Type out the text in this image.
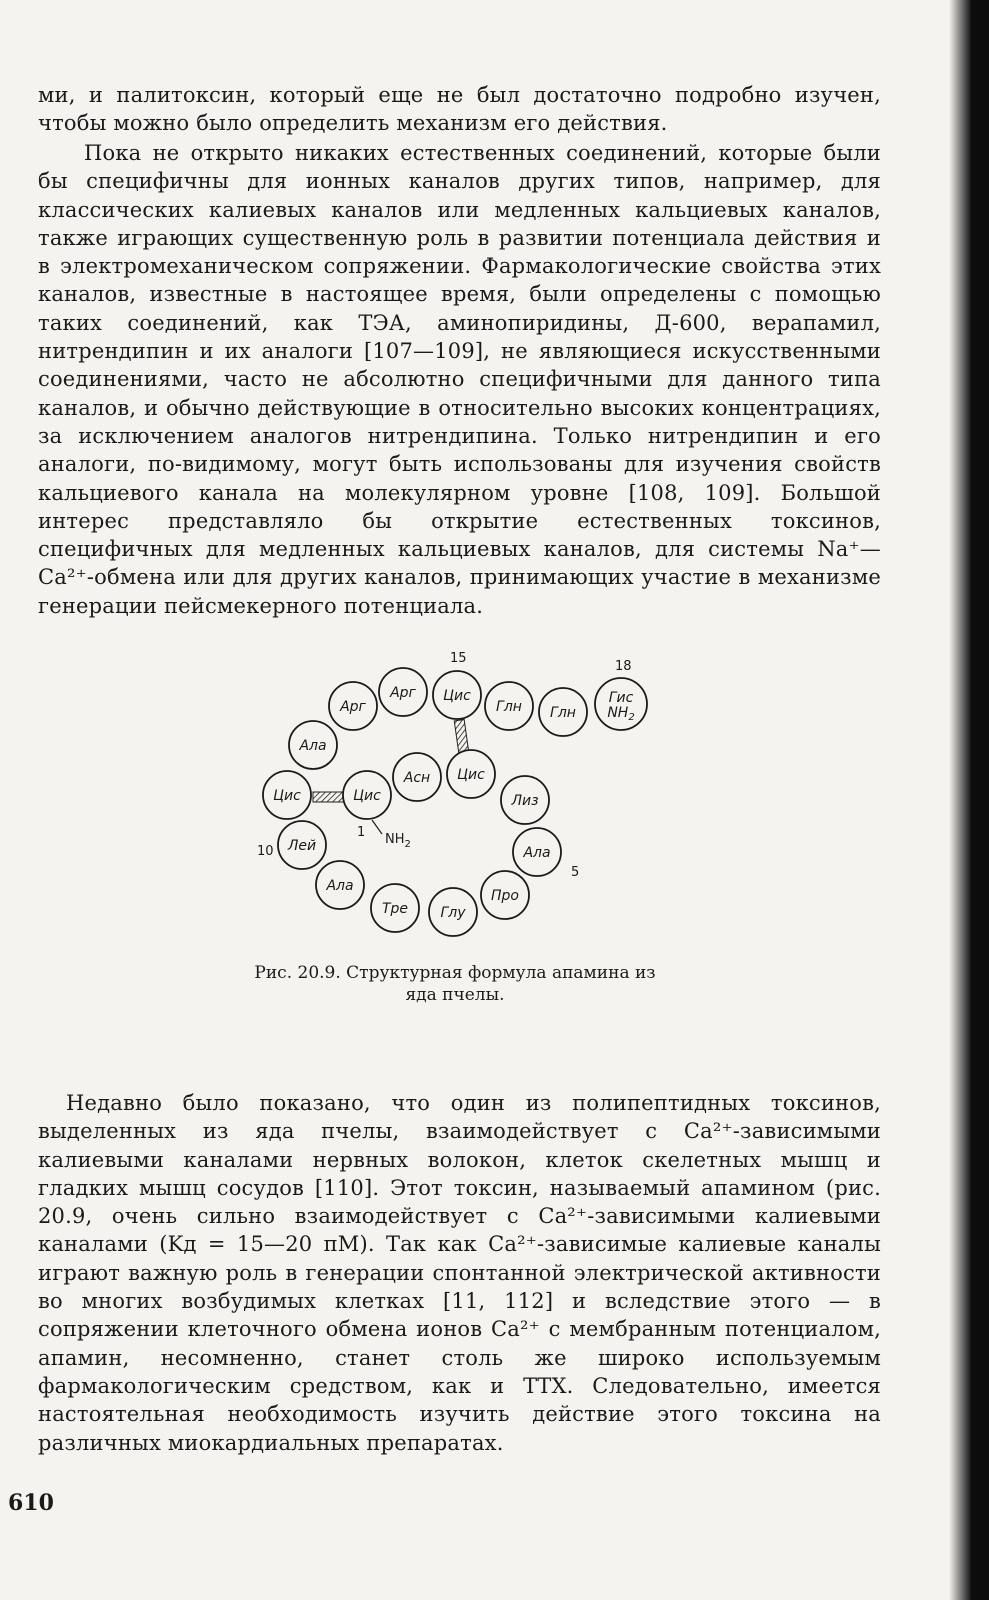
ми, и палитоксин, который еще не был достаточно подробно изучен, чтобы можно было определить механизм его действия.

Пока не открыто никаких естественных соединений, которые были бы специфичны для ионных каналов других типов, например, для классических калиевых каналов или медленных кальциевых каналов, также играющих существенную роль в развитии потенциала действия и в электромеханическом сопряжении. Фармакологические свойства этих каналов, известные в настоящее время, были определены с помощью таких соединений, как ТЭА, аминопиридины, Д-600, верапамил, нитрендипин и их аналоги [107—109], не являющиеся искусственными соединениями, часто не абсолютно специфичными для данного типа каналов, и обычно действующие в относительно высоких концентрациях, за исключением аналогов нитрендипина. Только нитрендипин и его аналоги, по-видимому, могут быть использованы для изучения свойств кальциевого канала на молекулярном уровне [108, 109]. Большой интерес представляло бы открытие естественных токсинов, специфичных для медленных кальциевых каналов, для системы Na⁺—Ca²⁺-обмена или для других каналов, принимающих участие в механизме генерации пейсмекерного потенциала.

Цис
Асн Цис
Лиз
Ала
Про
Глу
Тре
Ала
Лей
Цис
Ала
Арг
Арг Цис
Глн Глн
Гис $NH_2$
1 $NH_2$
5
10
15
18
Рис. 20.9. Структурная формула апамина из яда пчелы.

Недавно было показано, что один из полипептидных токсинов, выделенных из яда пчелы, взаимодействует с Ca²⁺-зависимыми калиевыми каналами нервных волокон, клеток скелетных мышц и гладких мышц сосудов [110]. Этот токсин, называемый апамином (рис. 20.9, очень сильно взаимодействует с Ca²⁺-зависимыми калиевыми каналами (Kд = 15—20 пМ). Так как Ca²⁺-зависимые калиевые каналы играют важную роль в генерации спонтанной электрической активности во многих возбудимых клетках [11, 112] и вследствие этого — в сопряжении клеточного обмена ионов Ca²⁺ с мембранным потенциалом, апамин, несомненно, станет столь же широко используемым фармакологическим средством, как и ТТХ. Следовательно, имеется настоятельная необходимость изучить действие этого токсина на различных миокардиальных препаратах.

610
